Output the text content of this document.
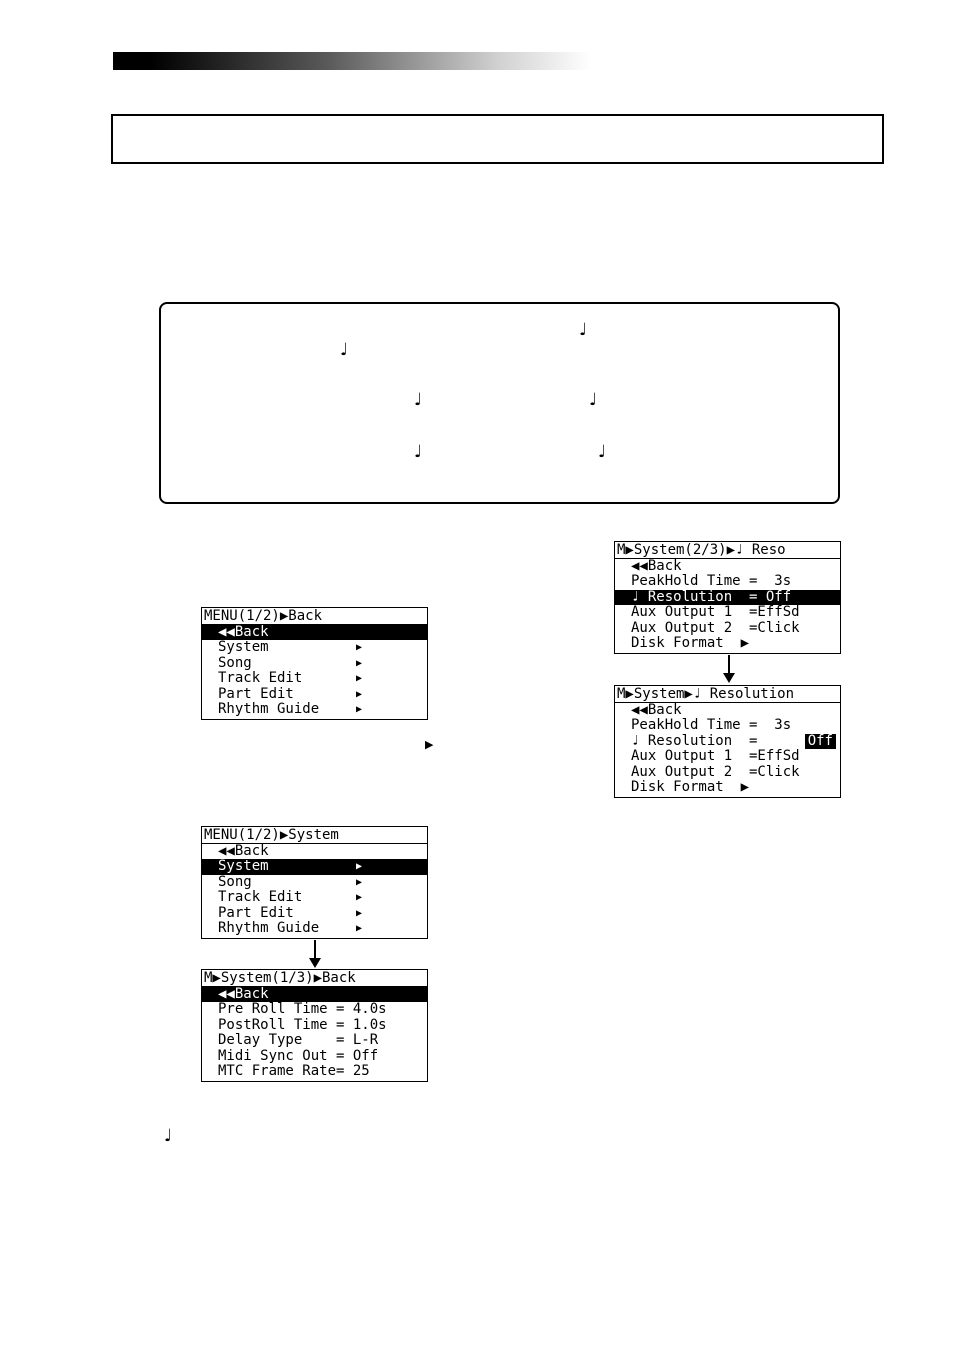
♩
♩
♩	♩
♩	♩
MENU(1/2)▶Back
▼ ◀◀Back
System	▶
Song	▶
Track Edit	▶
Part Edit	▶
Rhythm Guide	▶
▶
MENU(1/2)▶System
◀◀Back
⇕ System	▶
Song	▶
Track Edit	▶
Part Edit	▶
Rhythm Guide	▶
M▶System(1/3)▶Back
▼ ◀◀Back
Pre Roll Time = 4.0s
PostRoll Time = 1.0s
Delay Type    = L-R
Midi Sync Out = Off
MTC Frame Rate= 25
M▶System(2/3)▶♩ Reso
◀◀Back
PeakHold Time =  3s
⇕ ♩ Resolution  = Off
Aux Output 1  =EffSd
Aux Output 2  =Click
Disk Format  ▶
M▶System▶♩ Resolution
◀◀Back
PeakHold Time =  3s
♩ Resolution  =	Off
Aux Output 1  =EffSd
Aux Output 2  =Click
Disk Format  ▶
♩
